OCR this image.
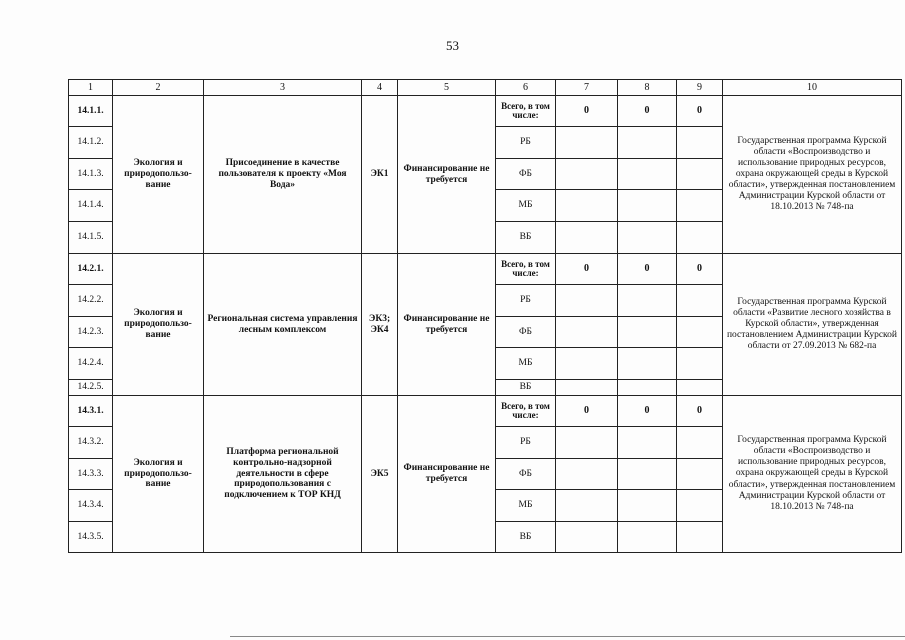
53
1	2	3	4	5	6	7	8	9	10
14.1.1.	Экология и природопользо-вание	Присоединение в качестве пользователя к проекту «Моя Вода»	ЭК1	Финансирование не требуется	Всего, в том числе:	0	0	0	Государственная программа Курской области «Воспроизводство и использование природных ресурсов, охрана окружающей среды в Курской области», утвержденная постановлением Администрации Курской области от 18.10.2013 № 748-па
14.1.2.					РБ				
14.1.3.					ФБ				
14.1.4.					МБ				
14.1.5.					ВБ				
14.2.1.	Экология и природопользо-вание	Региональная система управления лесным комплексом	ЭК3; ЭК4	Финансирование не требуется	Всего, в том числе:	0	0	0	Государственная программа Курской области «Развитие лесного хозяйства в Курской области», утвержденная постановлением Администрации Курской области от 27.09.2013 № 682-па
14.2.2.					РБ				
14.2.3.					ФБ				
14.2.4.					МБ				
14.2.5.					ВБ				
14.3.1.	Экология и природопользо-вание	Платформа региональной контрольно-надзорной деятельности в сфере природопользования с подключением к ТОР КНД	ЭК5	Финансирование не требуется	Всего, в том числе:	0	0	0	Государственная программа Курской области «Воспроизводство и использование природных ресурсов, охрана окружающей среды в Курской области», утвержденная постановлением Администрации Курской области от 18.10.2013 № 748-па
14.3.2.					РБ				
14.3.3.					ФБ				
14.3.4.					МБ				
14.3.5.					ВБ				
